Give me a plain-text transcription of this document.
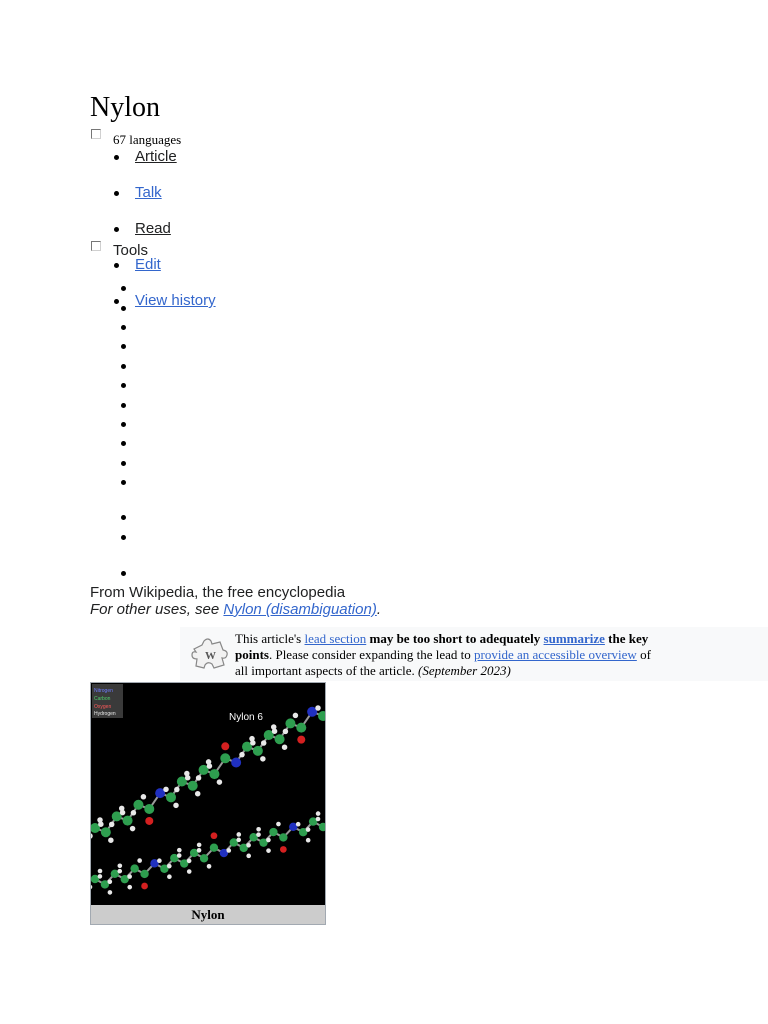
Nylon
67 languages
Article
Talk
Read
Edit
View history
Tools
From Wikipedia, the free encyclopedia
For other uses, see Nylon (disambiguation).
W
This article's lead section may be too short to adequately summarize the key points. Please consider expanding the lead to provide an accessible overview of all important aspects of the article. (September 2023)
Nitrogen
Carbon
Oxygen
Hydrogen	Nylon 6
Nylon
